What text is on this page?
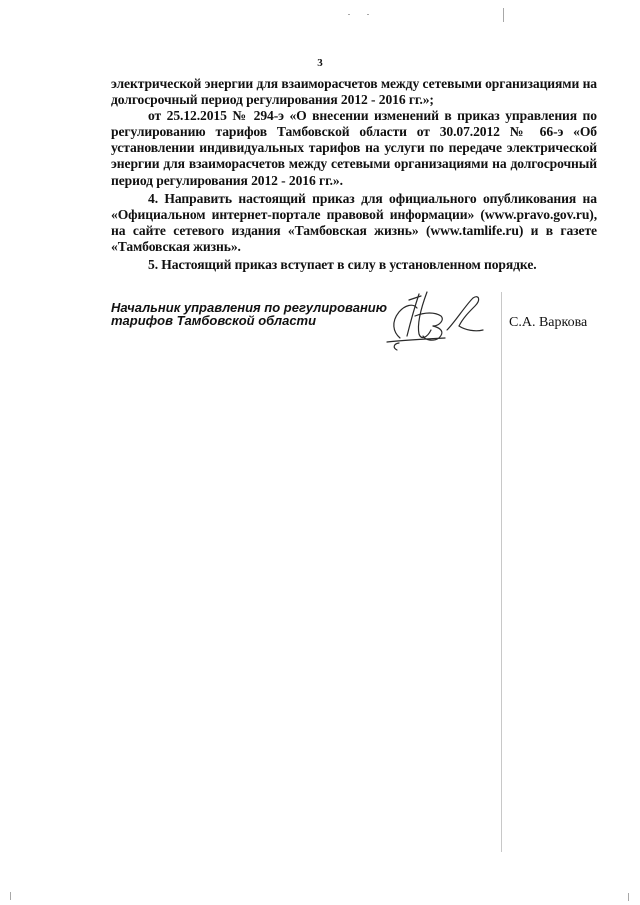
3

электрической энергии для взаиморасчетов между сетевыми организациями на долгосрочный период регулирования 2012 - 2016 гг.»;

от 25.12.2015 № 294-э «О внесении изменений в приказ управления по регулированию тарифов Тамбовской области от 30.07.2012 № 66-э «Об установлении индивидуальных тарифов на услуги по передаче электрической энергии для взаиморасчетов между сетевыми организациями на долгосрочный период регулирования 2012 - 2016 гг.».

4. Направить настоящий приказ для официального опубликования на «Официальном интернет-портале правовой информации» (www.pravo.gov.ru), на сайте сетевого издания «Тамбовская жизнь» (www.tamlife.ru) и в газете «Тамбовская жизнь».

5. Настоящий приказ вступает в силу в установленном порядке.

Начальник управления по регулированию
тарифов Тамбовской области	С.А. Варкова
